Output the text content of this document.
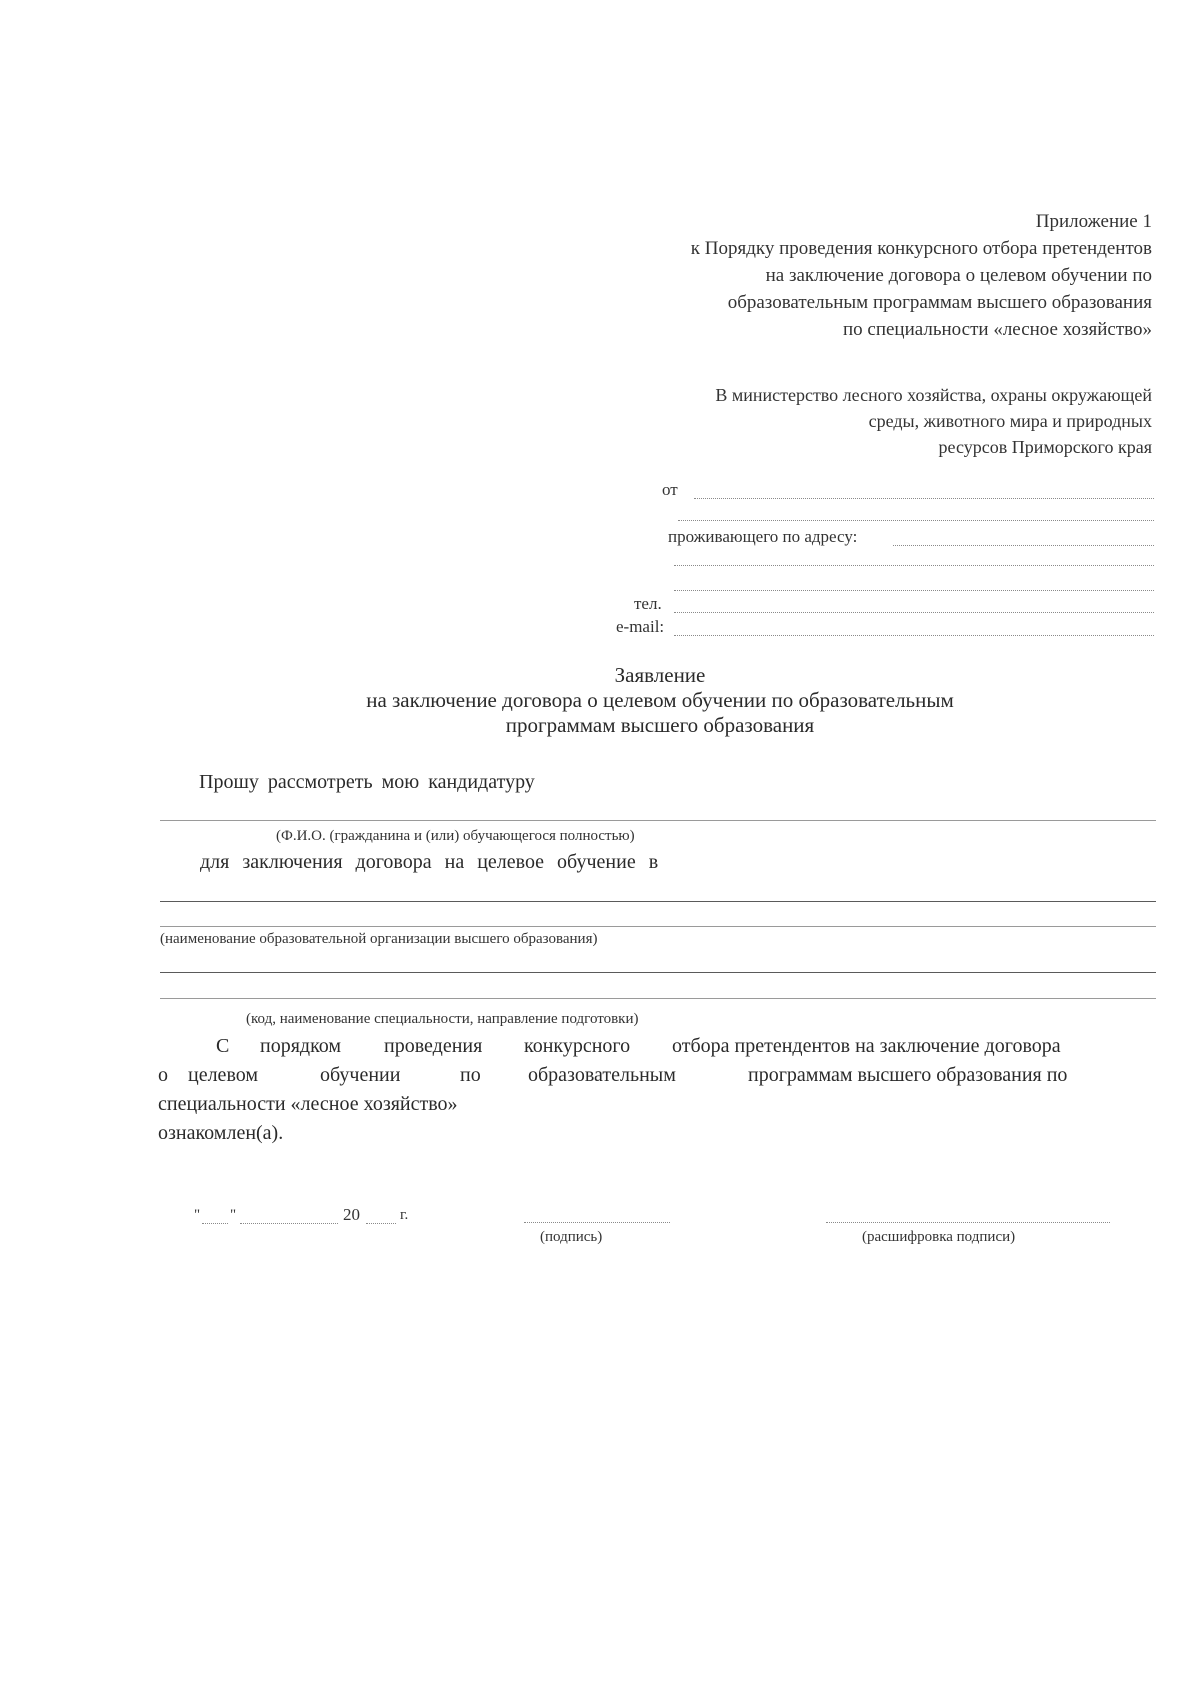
Приложение 1
к Порядку проведения конкурсного отбора претендентов
на заключение договора о целевом обучении по
образовательным программам высшего образования
по специальности «лесное хозяйство»
В министерство лесного хозяйства, охраны окружающей
среды, животного мира и природных
ресурсов Приморского края
от
проживающего по адресу:
тел.
e-mail:
Заявление
на заключение договора о целевом обучении по образовательным
программам высшего образования
Прошу рассмотреть мою кандидатуру
(Ф.И.О. (гражданина и (или) обучающегося полностью)
для заключения договора на целевое обучение в
(наименование образовательной организации высшего образования)
(код, наименование специальности, направление подготовки)
С порядком проведения конкурсного отбора претендентов на заключение договора
о целевом	обучении	по образовательным	программам высшего образования по
специальности «лесное хозяйство»
ознакомлен(а).
" "	20	г.
(подпись)	(расшифровка подписи)
